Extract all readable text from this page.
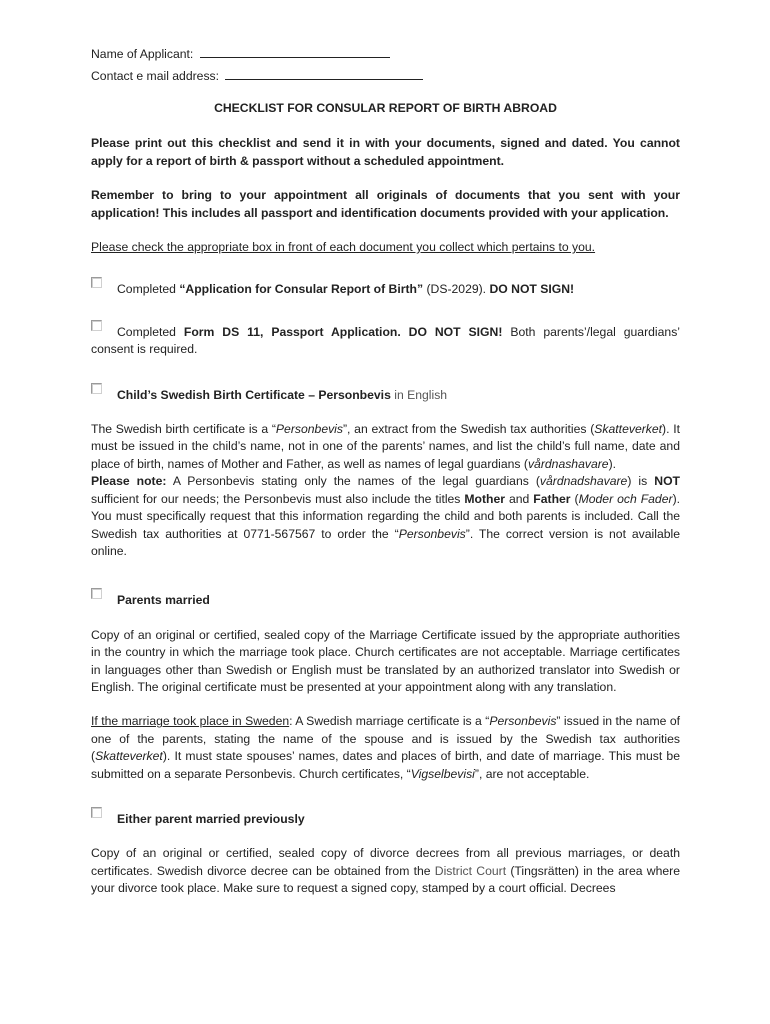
Name of Applicant:
Contact e mail address:

CHECKLIST FOR CONSULAR REPORT OF BIRTH ABROAD

Please print out this checklist and send it in with your documents, signed and dated. You cannot apply for a report of birth & passport without a scheduled appointment.

Remember to bring to your appointment all originals of documents that you sent with your application! This includes all passport and identification documents provided with your application.

Please check the appropriate box in front of each document you collect which pertains to you.

Completed “Application for Consular Report of Birth” (DS-2029). DO NOT SIGN!
Completed Form DS 11, Passport Application. DO NOT SIGN! Both parents’/legal guardians’
consent is required.
Child’s Swedish Birth Certificate – Personbevis in English

The Swedish birth certificate is a “Personbevis”, an extract from the Swedish tax authorities (Skatteverket). It must be issued in the child’s name, not in one of the parents’ names, and list the child’s full name, date and place of birth, names of Mother and Father, as well as names of legal guardians (vårdnashavare).
Please note: A Personbevis stating only the names of the legal guardians (vårdnadshavare) is NOT sufficient for our needs; the Personbevis must also include the titles Mother and Father (Moder och Fader). You must specifically request that this information regarding the child and both parents is included. Call the Swedish tax authorities at 0771-567567 to order the “Personbevis”. The correct version is not available online.

Parents married

Copy of an original or certified, sealed copy of the Marriage Certificate issued by the appropriate authorities in the country in which the marriage took place. Church certificates are not acceptable. Marriage certificates in languages other than Swedish or English must be translated by an authorized translator into Swedish or English. The original certificate must be presented at your appointment along with any translation.

If the marriage took place in Sweden: A Swedish marriage certificate is a “Personbevis” issued in the name of one of the parents, stating the name of the spouse and is issued by the Swedish tax authorities (Skatteverket). It must state spouses’ names, dates and places of birth, and date of marriage. This must be submitted on a separate Personbevis. Church certificates, “Vigselbevisi”, are not acceptable.

Either parent married previously

Copy of an original or certified, sealed copy of divorce decrees from all previous marriages, or death certificates. Swedish divorce decree can be obtained from the District Court (Tingsrätten) in the area where your divorce took place. Make sure to request a signed copy, stamped by a court official. Decrees
